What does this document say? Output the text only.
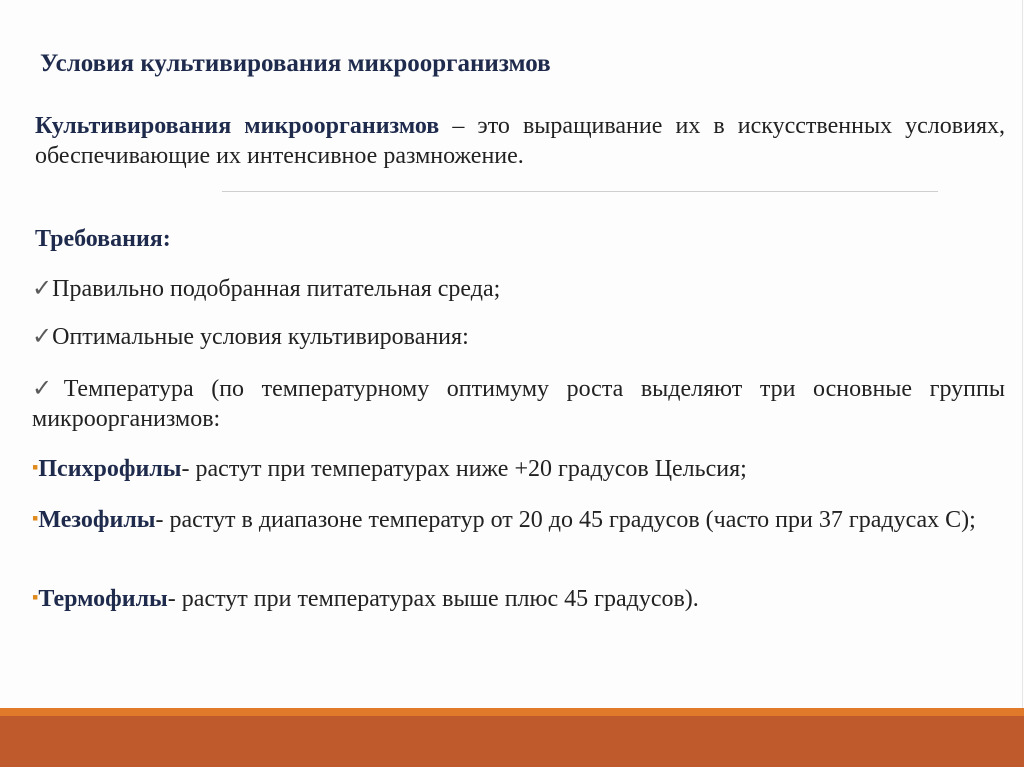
Условия культивирования микроорганизмов
Культивирования микроорганизмов – это выращивание их в искусственных условиях, обеспечивающие их интенсивное размножение.
Требования:
✓Правильно подобранная питательная среда;
✓Оптимальные условия культивирования:
✓Температура (по температурному оптимуму роста выделяют три основные группы микроорганизмов:
▪Психрофилы- растут при температурах ниже +20 градусов Цельсия;
▪Мезофилы- растут в диапазоне температур от 20 до 45 градусов (часто при 37 градусах С);
▪Термофилы- растут при температурах выше плюс 45 градусов).
